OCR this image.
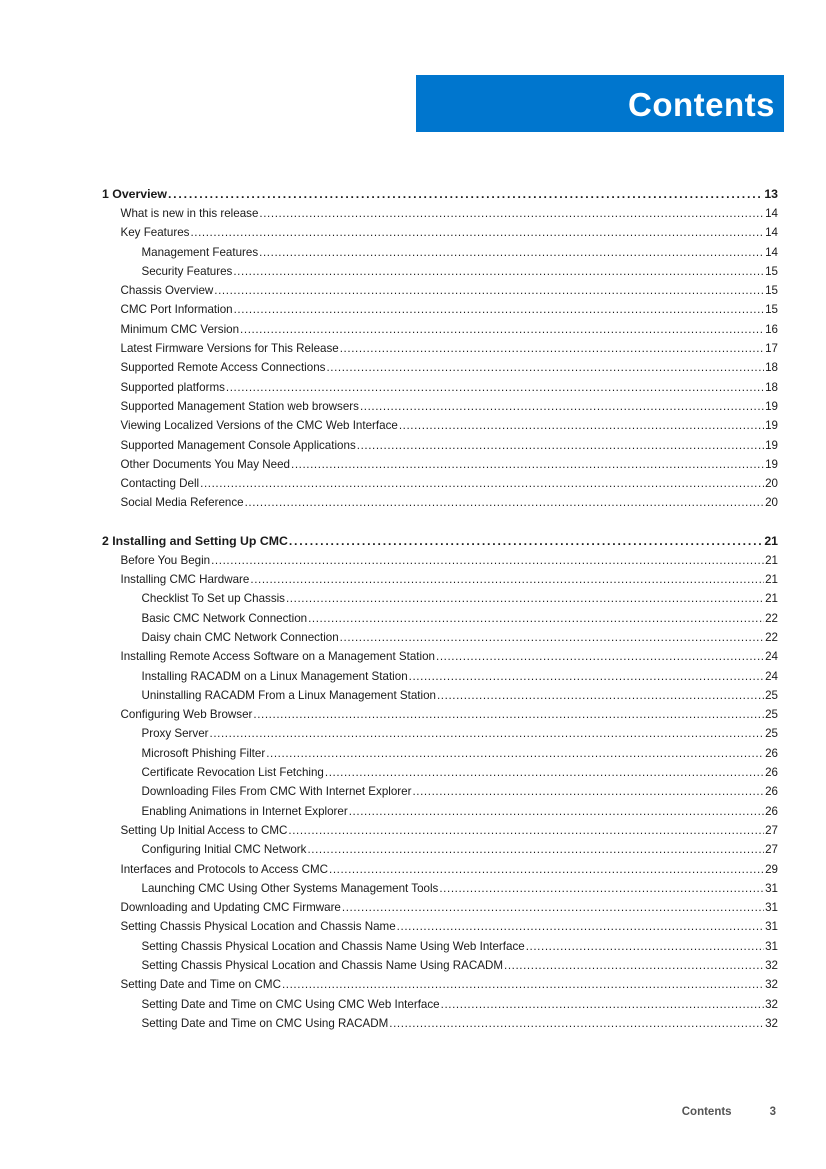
Contents
1 Overview .....	13
What is new in this release .....	14
Key Features .....	14
Management Features .....	14
Security Features .....	15
Chassis Overview .....	15
CMC Port Information .....	15
Minimum CMC Version .....	16
Latest Firmware Versions for This Release .....	17
Supported Remote Access Connections .....	18
Supported platforms .....	18
Supported Management Station web browsers .....	19
Viewing Localized Versions of the CMC Web Interface .....	19
Supported Management Console Applications .....	19
Other Documents You May Need .....	19
Contacting Dell .....	20
Social Media Reference .....	20
2 Installing and Setting Up CMC .....	21
Before You Begin .....	21
Installing CMC Hardware .....	21
Checklist To Set up Chassis .....	21
Basic CMC Network Connection .....	22
Daisy chain CMC Network Connection .....	22
Installing Remote Access Software on a Management Station .....	24
Installing RACADM on a Linux Management Station .....	24
Uninstalling RACADM From a Linux Management Station .....	25
Configuring Web Browser .....	25
Proxy Server .....	25
Microsoft Phishing Filter .....	26
Certificate Revocation List Fetching .....	26
Downloading Files From CMC With Internet Explorer .....	26
Enabling Animations in Internet Explorer .....	26
Setting Up Initial Access to CMC .....	27
Configuring Initial CMC Network .....	27
Interfaces and Protocols to Access CMC .....	29
Launching CMC Using Other Systems Management Tools .....	31
Downloading and Updating CMC Firmware .....	31
Setting Chassis Physical Location and Chassis Name .....	31
Setting Chassis Physical Location and Chassis Name Using Web Interface .....	31
Setting Chassis Physical Location and Chassis Name Using RACADM .....	32
Setting Date and Time on CMC .....	32
Setting Date and Time on CMC Using CMC Web Interface .....	32
Setting Date and Time on CMC Using RACADM .....	32
Contents	3
